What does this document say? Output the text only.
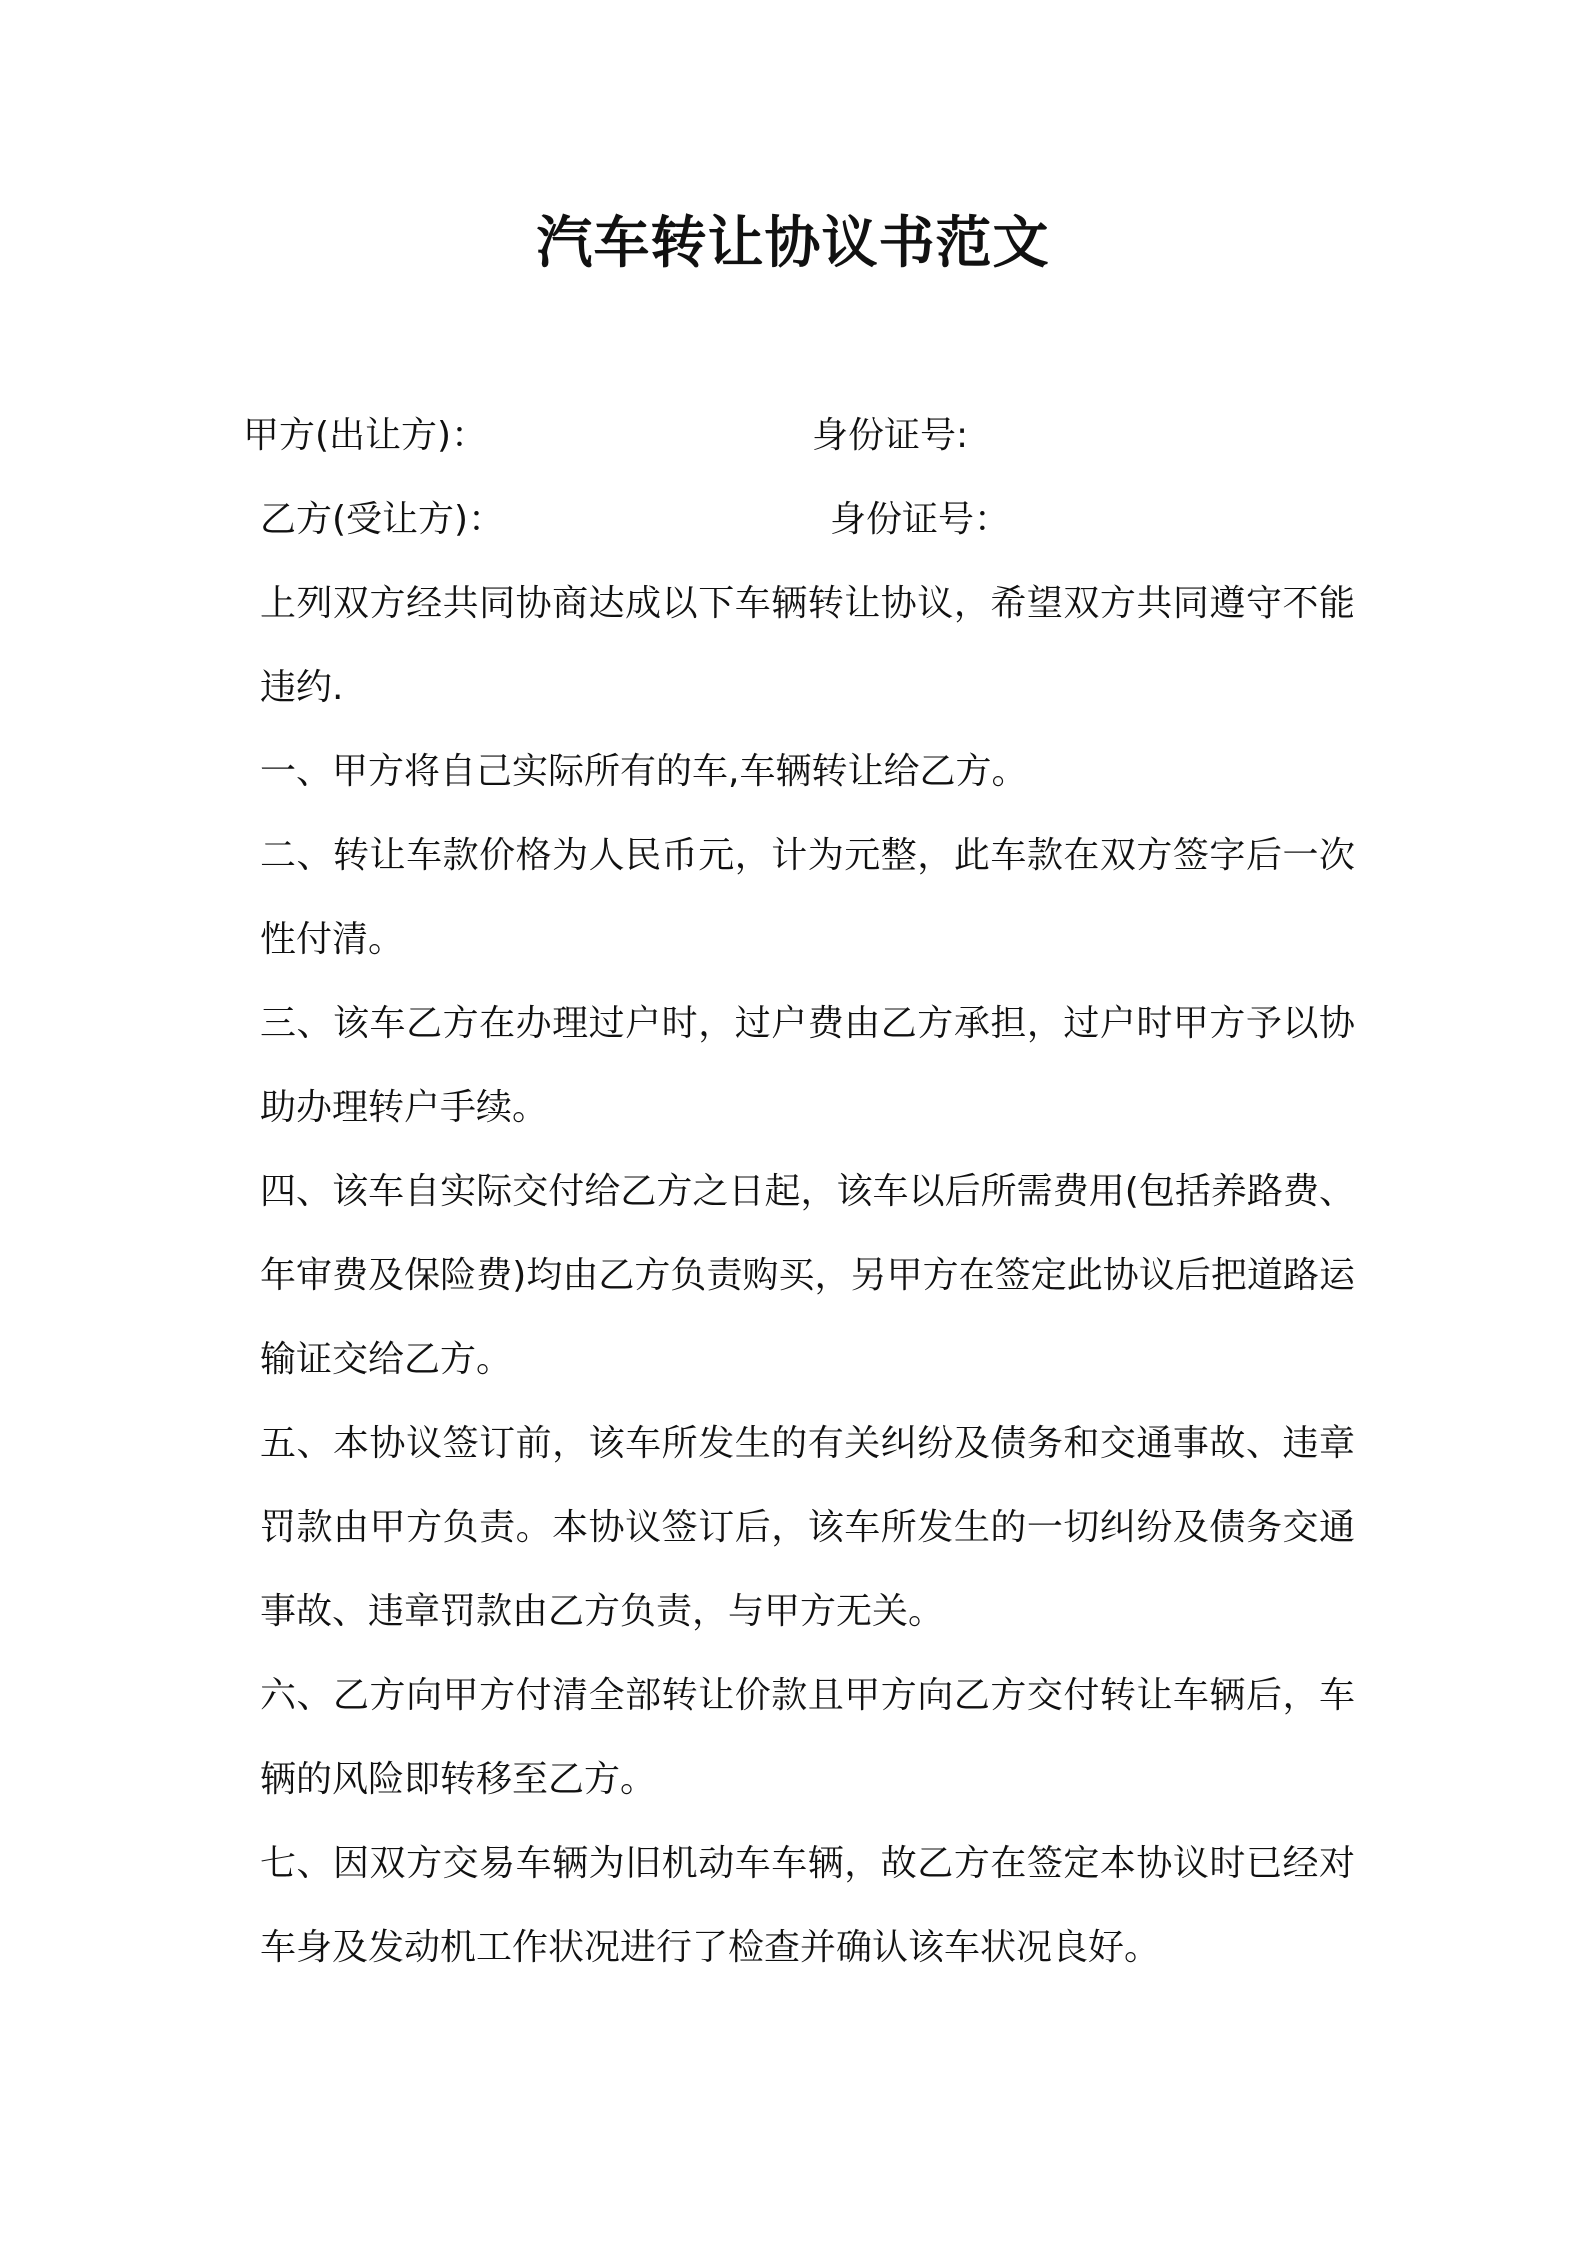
汽车转让协议书范文
甲方(出让方)：	身份证号:
乙方(受让方)：	身份证号：

上列双方经共同协商达成以下车辆转让协议，希望双方共同遵守不能违约.

一、甲方将自己实际所有的车,车辆转让给乙方。

二、转让车款价格为人民币元，计为元整，此车款在双方签字后一次性付清。

三、该车乙方在办理过户时，过户费由乙方承担，过户时甲方予以协助办理转户手续。

四、该车自实际交付给乙方之日起，该车以后所需费用(包括养路费、年审费及保险费)均由乙方负责购买，另甲方在签定此协议后把道路运输证交给乙方。

五、本协议签订前，该车所发生的有关纠纷及债务和交通事故、违章罚款由甲方负责。本协议签订后，该车所发生的一切纠纷及债务交通事故、违章罚款由乙方负责，与甲方无关。

六、乙方向甲方付清全部转让价款且甲方向乙方交付转让车辆后，车辆的风险即转移至乙方。

七、因双方交易车辆为旧机动车车辆，故乙方在签定本协议时已经对车身及发动机工作状况进行了检查并确认该车状况良好。
